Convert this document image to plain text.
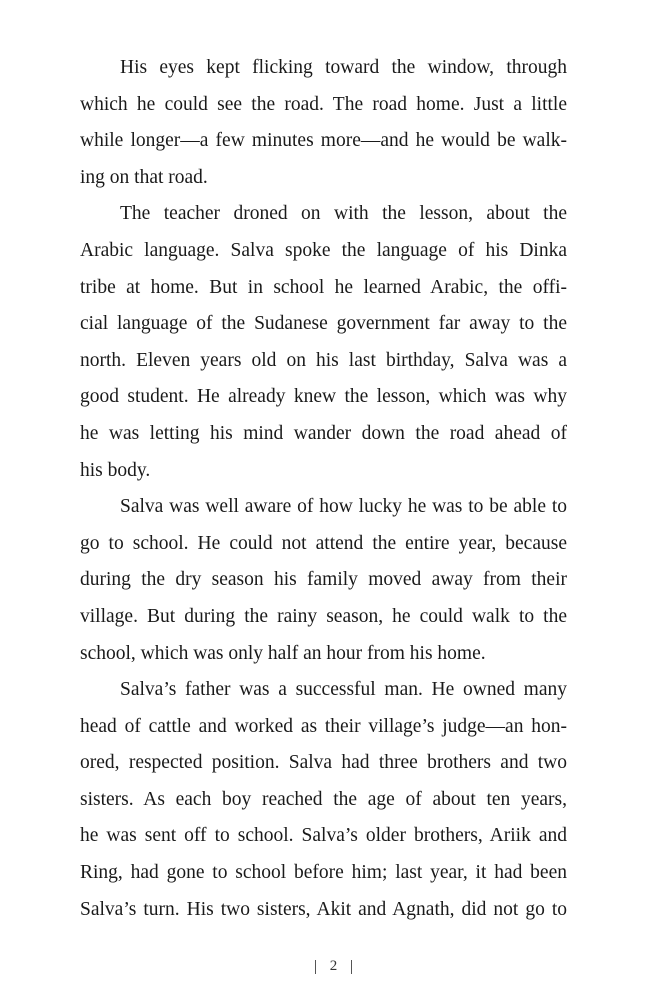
His eyes kept flicking toward the window, through
which he could see the road. The road home. Just a little
while longer—a few minutes more—and he would be walk-
ing on that road.
The teacher droned on with the lesson, about the
Arabic language. Salva spoke the language of his Dinka
tribe at home. But in school he learned Arabic, the offi-
cial language of the Sudanese government far away to the
north. Eleven years old on his last birthday, Salva was a
good student. He already knew the lesson, which was why
he was letting his mind wander down the road ahead of
his body.
Salva was well aware of how lucky he was to be able to
go to school. He could not attend the entire year, because
during the dry season his family moved away from their
village. But during the rainy season, he could walk to the
school, which was only half an hour from his home.
Salva’s father was a successful man. He owned many
head of cattle and worked as their village’s judge—an hon-
ored, respected position. Salva had three brothers and two
sisters. As each boy reached the age of about ten years,
he was sent off to school. Salva’s older brothers, Ariik and
Ring, had gone to school before him; last year, it had been
Salva’s turn. His two sisters, Akit and Agnath, did not go to
2
